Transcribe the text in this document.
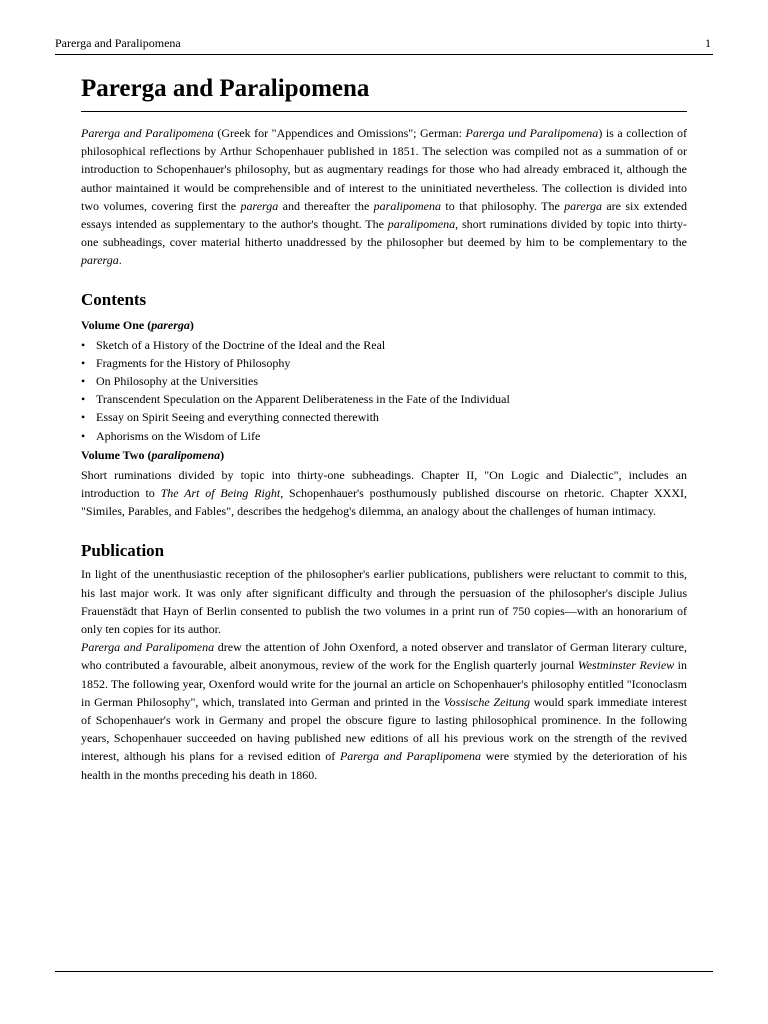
Parerga and Paralipomena	1
Parerga and Paralipomena

Parerga and Paralipomena (Greek for "Appendices and Omissions"; German: Parerga und Paralipomena) is a collection of philosophical reflections by Arthur Schopenhauer published in 1851. The selection was compiled not as a summation of or introduction to Schopenhauer's philosophy, but as augmentary readings for those who had already embraced it, although the author maintained it would be comprehensible and of interest to the uninitiated nevertheless. The collection is divided into two volumes, covering first the parerga and thereafter the paralipomena to that philosophy. The parerga are six extended essays intended as supplementary to the author's thought. The paralipomena, short ruminations divided by topic into thirty-one subheadings, cover material hitherto unaddressed by the philosopher but deemed by him to be complementary to the parerga.

Contents
Volume One (parerga)
• Sketch of a History of the Doctrine of the Ideal and the Real
• Fragments for the History of Philosophy
• On Philosophy at the Universities
• Transcendent Speculation on the Apparent Deliberateness in the Fate of the Individual
• Essay on Spirit Seeing and everything connected therewith
• Aphorisms on the Wisdom of Life
Volume Two (paralipomena)

Short ruminations divided by topic into thirty-one subheadings. Chapter II, "On Logic and Dialectic", includes an introduction to The Art of Being Right, Schopenhauer's posthumously published discourse on rhetoric. Chapter XXXI, "Similes, Parables, and Fables", describes the hedgehog's dilemma, an analogy about the challenges of human intimacy.

Publication

In light of the unenthusiastic reception of the philosopher's earlier publications, publishers were reluctant to commit to this, his last major work. It was only after significant difficulty and through the persuasion of the philosopher's disciple Julius Frauenstädt that Hayn of Berlin consented to publish the two volumes in a print run of 750 copies—with an honorarium of only ten copies for its author.

Parerga and Paralipomena drew the attention of John Oxenford, a noted observer and translator of German literary culture, who contributed a favourable, albeit anonymous, review of the work for the English quarterly journal Westminster Review in 1852. The following year, Oxenford would write for the journal an article on Schopenhauer's philosophy entitled "Iconoclasm in German Philosophy", which, translated into German and printed in the Vossische Zeitung would spark immediate interest of Schopenhauer's work in Germany and propel the obscure figure to lasting philosophical prominence. In the following years, Schopenhauer succeeded on having published new editions of all his previous work on the strength of the revived interest, although his plans for a revised edition of Parerga and Paraplipomena were stymied by the deterioration of his health in the months preceding his death in 1860.
